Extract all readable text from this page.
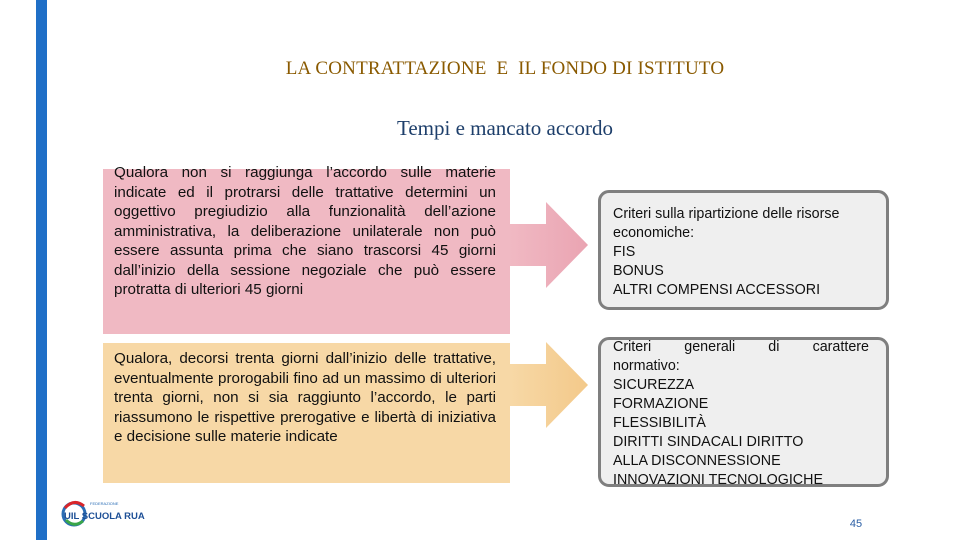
LA CONTRATTAZIONE  E  IL FONDO DI ISTITUTO
Tempi e mancato accordo
Qualora non si raggiunga l’accordo sulle materie indicate ed il protrarsi delle trattative determini un oggettivo pregiudizio alla funzionalità dell’azione amministrativa, la deliberazione unilaterale non può essere assunta prima che siano trascorsi 45 giorni dall’inizio della sessione negoziale che può essere protratta di ulteriori 45 giorni
Qualora, decorsi trenta giorni dall’inizio delle trattative, eventualmente prorogabili fino ad un massimo di ulteriori trenta giorni, non si sia raggiunto l’accordo, le parti riassumono le rispettive prerogative e libertà di iniziativa e decisione sulle materie indicate
Criteri sulla ripartizione delle risorse
economiche:
FIS
BONUS
ALTRI COMPENSI ACCESSORI
Criteri generali di carattere
normativo:
SICUREZZA
FORMAZIONE
FLESSIBILITÀ
DIRITTI SINDACALI DIRITTO
ALLA DISCONNESSIONE
INNOVAZIONI TECNOLOGICHE
FEDERAZIONE
UIL SCUOLA RUA
45
